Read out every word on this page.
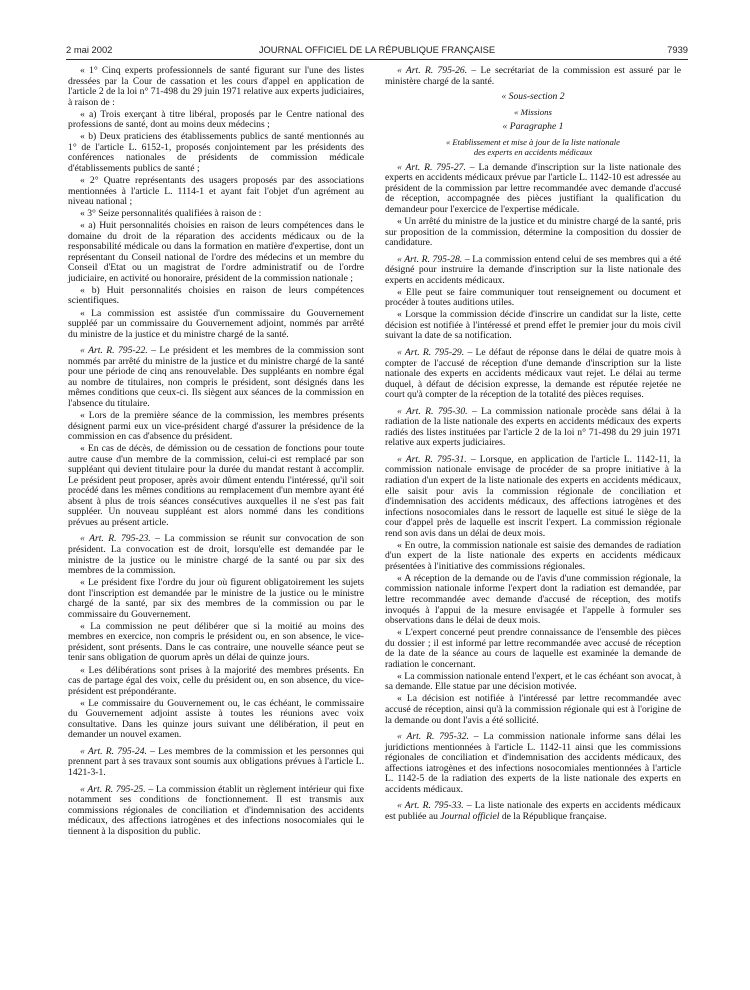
2 mai 2002	JOURNAL OFFICIEL DE LA RÉPUBLIQUE FRANÇAISE	7939

« 1° Cinq experts professionnels de santé figurant sur l'une des listes dressées par la Cour de cassation et les cours d'appel en application de l'article 2 de la loi n° 71-498 du 29 juin 1971 relative aux experts judiciaires, à raison de :

« a) Trois exerçant à titre libéral, proposés par le Centre national des professions de santé, dont au moins deux médecins ;

« b) Deux praticiens des établissements publics de santé mentionnés au 1° de l'article L. 6152-1, proposés conjointement par les présidents des conférences nationales de présidents de commission médicale d'établissements publics de santé ;

« 2° Quatre représentants des usagers proposés par des associations mentionnées à l'article L. 1114-1 et ayant fait l'objet d'un agrément au niveau national ;

« 3° Seize personnalités qualifiées à raison de :

« a) Huit personnalités choisies en raison de leurs compétences dans le domaine du droit de la réparation des accidents médicaux ou de la responsabilité médicale ou dans la formation en matière d'expertise, dont un représentant du Conseil national de l'ordre des médecins et un membre du Conseil d'Etat ou un magistrat de l'ordre administratif ou de l'ordre judiciaire, en activité ou honoraire, président de la commission nationale ;

« b) Huit personnalités choisies en raison de leurs compétences scientifiques.

« La commission est assistée d'un commissaire du Gouvernement suppléé par un commissaire du Gouvernement adjoint, nommés par arrêté du ministre de la justice et du ministre chargé de la santé.

« Art. R. 795-22. – Le président et les membres de la commission sont nommés par arrêté du ministre de la justice et du ministre chargé de la santé pour une période de cinq ans renouvelable. Des suppléants en nombre égal au nombre de titulaires, non compris le président, sont désignés dans les mêmes conditions que ceux-ci. Ils siègent aux séances de la commission en l'absence du titulaire.

« Lors de la première séance de la commission, les membres présents désignent parmi eux un vice-président chargé d'assurer la présidence de la commission en cas d'absence du président.

« En cas de décès, de démission ou de cessation de fonctions pour toute autre cause d'un membre de la commission, celui-ci est remplacé par son suppléant qui devient titulaire pour la durée du mandat restant à accomplir. Le président peut proposer, après avoir dûment entendu l'intéressé, qu'il soit procédé dans les mêmes conditions au remplacement d'un membre ayant été absent à plus de trois séances consécutives auxquelles il ne s'est pas fait suppléer. Un nouveau suppléant est alors nommé dans les conditions prévues au présent article.

« Art. R. 795-23. – La commission se réunit sur convocation de son président. La convocation est de droit, lorsqu'elle est demandée par le ministre de la justice ou le ministre chargé de la santé ou par six des membres de la commission.

« Le président fixe l'ordre du jour où figurent obligatoirement les sujets dont l'inscription est demandée par le ministre de la justice ou le ministre chargé de la santé, par six des membres de la commission ou par le commissaire du Gouvernement.

« La commission ne peut délibérer que si la moitié au moins des membres en exercice, non compris le président ou, en son absence, le vice-président, sont présents. Dans le cas contraire, une nouvelle séance peut se tenir sans obligation de quorum après un délai de quinze jours.

« Les délibérations sont prises à la majorité des membres présents. En cas de partage égal des voix, celle du président ou, en son absence, du vice-président est prépondérante.

« Le commissaire du Gouvernement ou, le cas échéant, le commissaire du Gouvernement adjoint assiste à toutes les réunions avec voix consultative. Dans les quinze jours suivant une délibération, il peut en demander un nouvel examen.

« Art. R. 795-24. – Les membres de la commission et les personnes qui prennent part à ses travaux sont soumis aux obligations prévues à l'article L. 1421-3-1.

« Art. R. 795-25. – La commission établit un règlement intérieur qui fixe notamment ses conditions de fonctionnement. Il est transmis aux commissions régionales de conciliation et d'indemnisation des accidents médicaux, des affections iatrogènes et des infections nosocomiales qui le tiennent à la disposition du public.

« Art. R. 795-26. – Le secrétariat de la commission est assuré par le ministère chargé de la santé.

« Sous-section 2

« Missions

« Paragraphe 1

« Etablissement et mise à jour de la liste nationale
des experts en accidents médicaux

« Art. R. 795-27. – La demande d'inscription sur la liste nationale des experts en accidents médicaux prévue par l'article L. 1142-10 est adressée au président de la commission par lettre recommandée avec demande d'accusé de réception, accompagnée des pièces justifiant la qualification du demandeur pour l'exercice de l'expertise médicale.

« Un arrêté du ministre de la justice et du ministre chargé de la santé, pris sur proposition de la commission, détermine la composition du dossier de candidature.

« Art. R. 795-28. – La commission entend celui de ses membres qui a été désigné pour instruire la demande d'inscription sur la liste nationale des experts en accidents médicaux.

« Elle peut se faire communiquer tout renseignement ou document et procéder à toutes auditions utiles.

« Lorsque la commission décide d'inscrire un candidat sur la liste, cette décision est notifiée à l'intéressé et prend effet le premier jour du mois civil suivant la date de sa notification.

« Art. R. 795-29. – Le défaut de réponse dans le délai de quatre mois à compter de l'accusé de réception d'une demande d'inscription sur la liste nationale des experts en accidents médicaux vaut rejet. Le délai au terme duquel, à défaut de décision expresse, la demande est réputée rejetée ne court qu'à compter de la réception de la totalité des pièces requises.

« Art. R. 795-30. – La commission nationale procède sans délai à la radiation de la liste nationale des experts en accidents médicaux des experts radiés des listes instituées par l'article 2 de la loi n° 71-498 du 29 juin 1971 relative aux experts judiciaires.

« Art. R. 795-31. – Lorsque, en application de l'article L. 1142-11, la commission nationale envisage de procéder de sa propre initiative à la radiation d'un expert de la liste nationale des experts en accidents médicaux, elle saisit pour avis la commission régionale de conciliation et d'indemnisation des accidents médicaux, des affections iatrogènes et des infections nosocomiales dans le ressort de laquelle est situé le siège de la cour d'appel près de laquelle est inscrit l'expert. La commission régionale rend son avis dans un délai de deux mois.

« En outre, la commission nationale est saisie des demandes de radiation d'un expert de la liste nationale des experts en accidents médicaux présentées à l'initiative des commissions régionales.

« A réception de la demande ou de l'avis d'une commission régionale, la commission nationale informe l'expert dont la radiation est demandée, par lettre recommandée avec demande d'accusé de réception, des motifs invoqués à l'appui de la mesure envisagée et l'appelle à formuler ses observations dans le délai de deux mois.

« L'expert concerné peut prendre connaissance de l'ensemble des pièces du dossier ; il est informé par lettre recommandée avec accusé de réception de la date de la séance au cours de laquelle est examinée la demande de radiation le concernant.

« La commission nationale entend l'expert, et le cas échéant son avocat, à sa demande. Elle statue par une décision motivée.

« La décision est notifiée à l'intéressé par lettre recommandée avec accusé de réception, ainsi qu'à la commission régionale qui est à l'origine de la demande ou dont l'avis a été sollicité.

« Art. R. 795-32. – La commission nationale informe sans délai les juridictions mentionnées à l'article L. 1142-11 ainsi que les commissions régionales de conciliation et d'indemnisation des accidents médicaux, des affections iatrogènes et des infections nosocomiales mentionnées à l'article L. 1142-5 de la radiation des experts de la liste nationale des experts en accidents médicaux.

« Art. R. 795-33. – La liste nationale des experts en accidents médicaux est publiée au Journal officiel de la République française.
